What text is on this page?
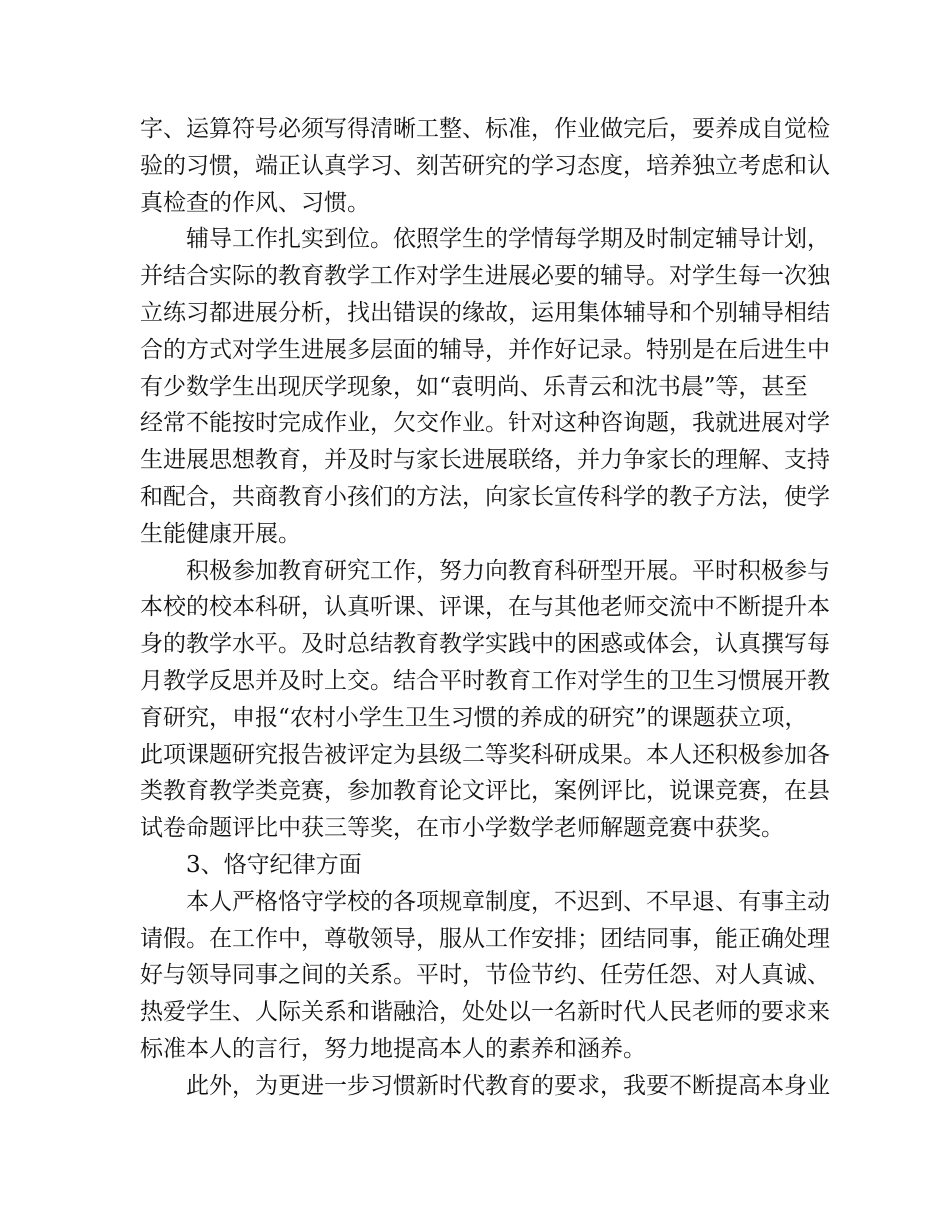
字、运算符号必须写得清晰工整、标准，作业做完后，要养成自觉检
验的习惯，端正认真学习、刻苦研究的学习态度，培养独立考虑和认
真检查的作风、习惯。
辅导工作扎实到位。依照学生的学情每学期及时制定辅导计划，
并结合实际的教育教学工作对学生进展必要的辅导。对学生每一次独
立练习都进展分析，找出错误的缘故，运用集体辅导和个别辅导相结
合的方式对学生进展多层面的辅导，并作好记录。特别是在后进生中
有少数学生出现厌学现象，如“袁明尚、乐青云和沈书晨”等，甚至
经常不能按时完成作业，欠交作业。针对这种咨询题，我就进展对学
生进展思想教育，并及时与家长进展联络，并力争家长的理解、支持
和配合，共商教育小孩们的方法，向家长宣传科学的教子方法，使学
生能健康开展。
积极参加教育研究工作，努力向教育科研型开展。平时积极参与
本校的校本科研，认真听课、评课，在与其他老师交流中不断提升本
身的教学水平。及时总结教育教学实践中的困惑或体会，认真撰写每
月教学反思并及时上交。结合平时教育工作对学生的卫生习惯展开教
育研究，申报“农村小学生卫生习惯的养成的研究”的课题获立项，
此项课题研究报告被评定为县级二等奖科研成果。本人还积极参加各
类教育教学类竞赛，参加教育论文评比，案例评比，说课竞赛，在县
试卷命题评比中获三等奖，在市小学数学老师解题竞赛中获奖。
3、恪守纪律方面
本人严格恪守学校的各项规章制度，不迟到、不早退、有事主动
请假。在工作中，尊敬领导，服从工作安排；团结同事，能正确处理
好与领导同事之间的关系。平时，节俭节约、任劳任怨、对人真诚、
热爱学生、人际关系和谐融洽，处处以一名新时代人民老师的要求来
标准本人的言行，努力地提高本人的素养和涵养。
此外，为更进一步习惯新时代教育的要求，我要不断提高本身业
